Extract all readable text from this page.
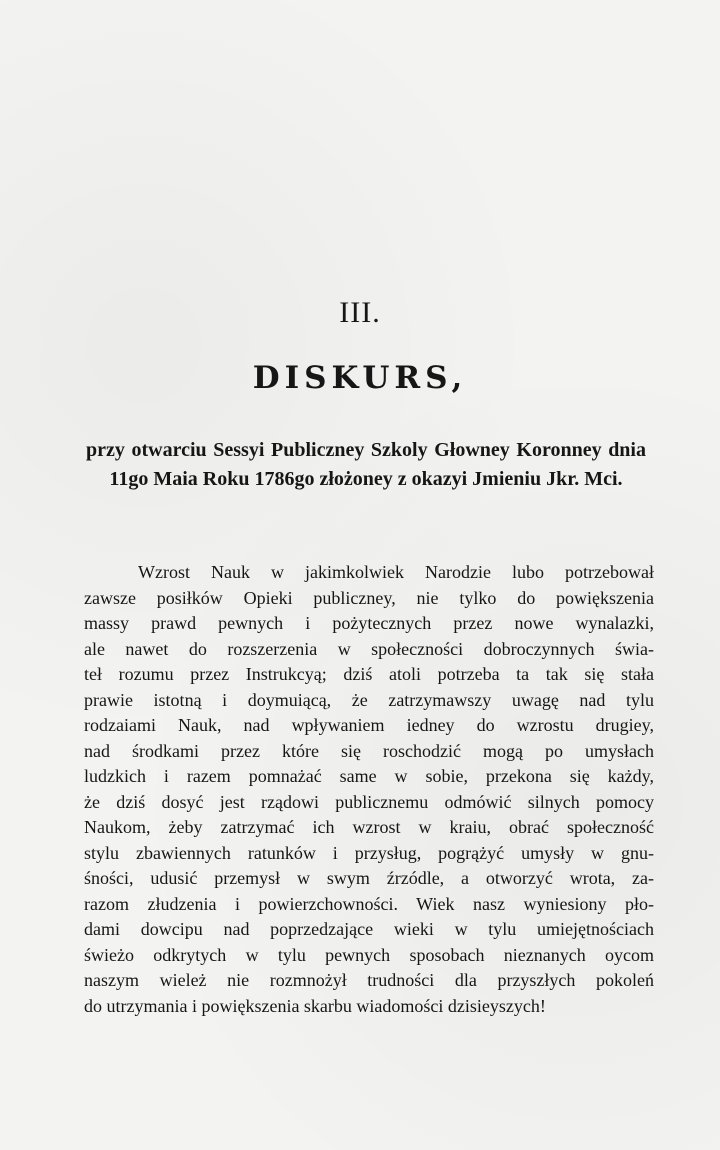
III.
DISKURS,
przy otwarciu Sessyi Publiczney Szkoly Głowney Koronney dnia 11go Maia Roku 1786go złożoney z okazyi Jmieniu Jkr. Mci.
Wzrost Nauk w jakimkolwiek Narodzie lubo potrzebował
zawsze posiłków Opieki publiczney, nie tylko do powiększenia
massy prawd pewnych i pożytecznych przez nowe wynalazki,
ale nawet do rozszerzenia w społeczności dobroczynnych świa-
teł rozumu przez Instrukcyą; dziś atoli potrzeba ta tak się stała
prawie istotną i doymuiącą, że zatrzymawszy uwagę nad tylu
rodzaiami Nauk, nad wpływaniem iedney do wzrostu drugiey,
nad środkami przez które się roschodzić mogą po umysłach
ludzkich i razem pomnażać same w sobie, przekona się każdy,
że dziś dosyć jest rządowi publicznemu odmówić silnych pomocy
Naukom, żeby zatrzymać ich wzrost w kraiu, obrać społeczność
stylu zbawiennych ratunków i przysług, pogrążyć umysły w gnu-
śności, udusić przemysł w swym źrzódle, a otworzyć wrota, za-
razom złudzenia i powierzchowności. Wiek nasz wyniesiony pło-
dami dowcipu nad poprzedzające wieki w tylu umiejętnościach
świeżo odkrytych w tylu pewnych sposobach nieznanych oycom
naszym wieleż nie rozmnożył trudności dla przyszłych pokoleń
do utrzymania i powiększenia skarbu wiadomości dzisieyszych!
